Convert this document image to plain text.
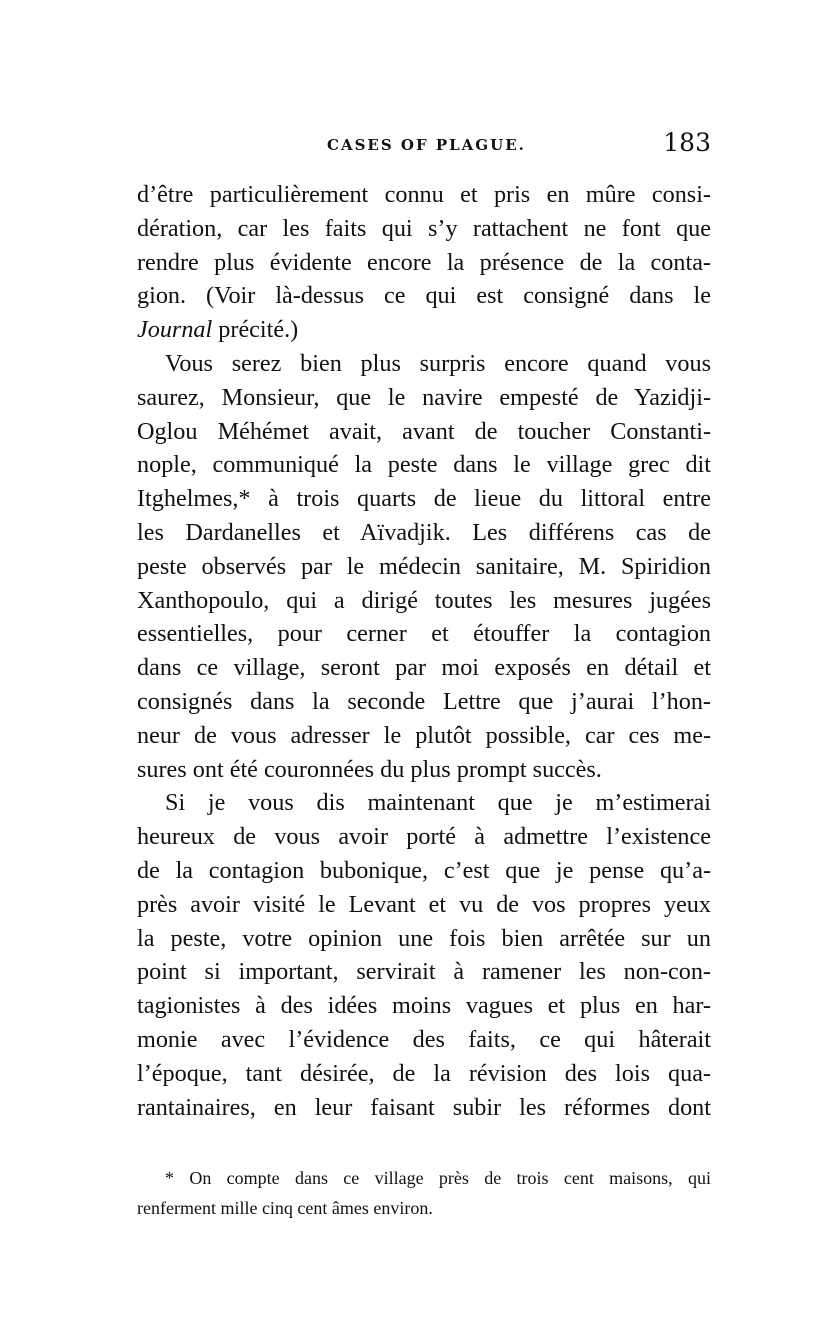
CASES OF PLAGUE.	183
d’être particulièrement connu et pris en mûre consi-
dération, car les faits qui s’y rattachent ne font que
rendre plus évidente encore la présence de la conta-
gion. (Voir là-dessus ce qui est consigné dans le
Journal précité.)
Vous serez bien plus surpris encore quand vous
saurez, Monsieur, que le navire empesté de Yazidji-
Oglou Méhémet avait, avant de toucher Constanti-
nople, communiqué la peste dans le village grec dit
Itghelmes,* à trois quarts de lieue du littoral entre
les Dardanelles et Aïvadjik. Les différens cas de
peste observés par le médecin sanitaire, M. Spiridion
Xanthopoulo, qui a dirigé toutes les mesures jugées
essentielles, pour cerner et étouffer la contagion
dans ce village, seront par moi exposés en détail et
consignés dans la seconde Lettre que j’aurai l’hon-
neur de vous adresser le plutôt possible, car ces me-
sures ont été couronnées du plus prompt succès.
Si je vous dis maintenant que je m’estimerai
heureux de vous avoir porté à admettre l’existence
de la contagion bubonique, c’est que je pense qu’a-
près avoir visité le Levant et vu de vos propres yeux
la peste, votre opinion une fois bien arrêtée sur un
point si important, servirait à ramener les non-con-
tagionistes à des idées moins vagues et plus en har-
monie avec l’évidence des faits, ce qui hâterait
l’époque, tant désirée, de la révision des lois qua-
rantainaires, en leur faisant subir les réformes dont
* On compte dans ce village près de trois cent maisons, qui
renferment mille cinq cent âmes environ.
